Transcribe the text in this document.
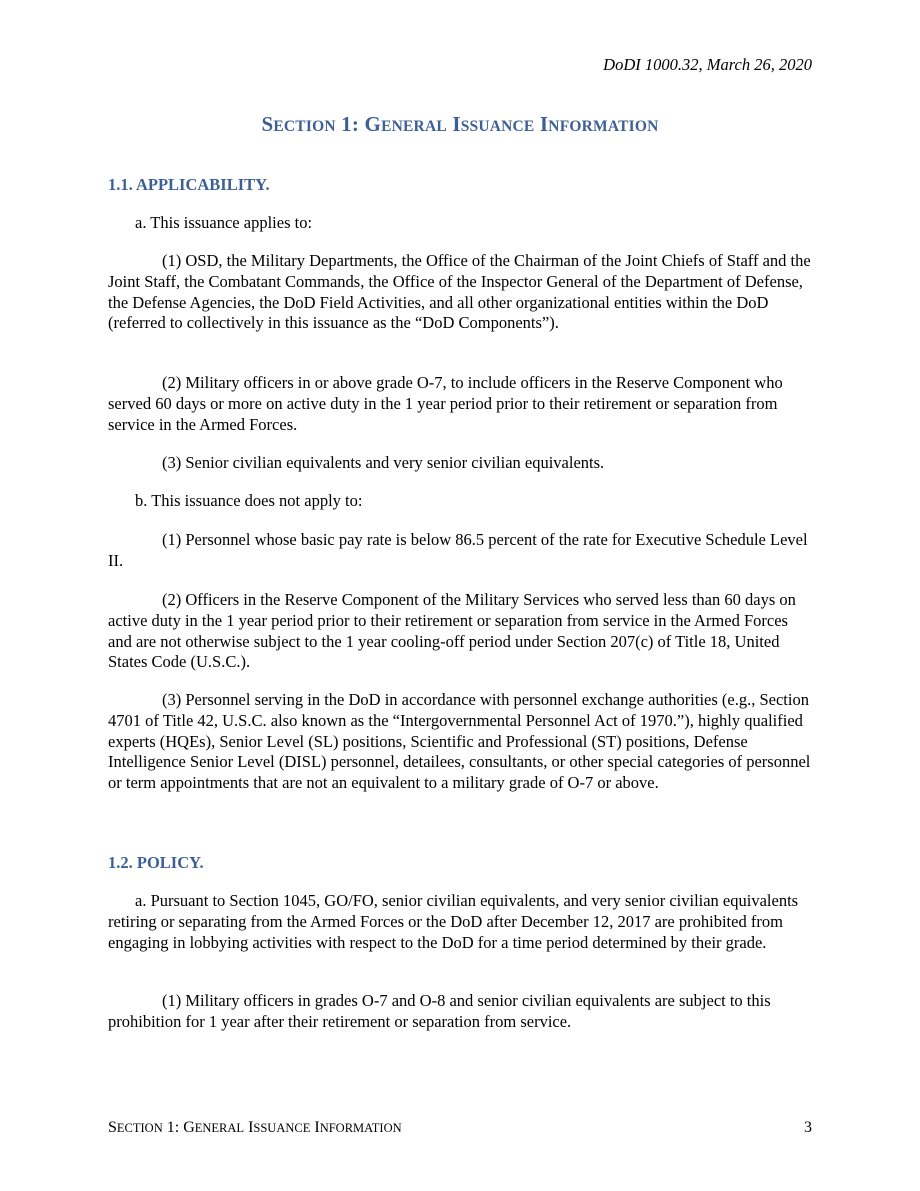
DoDI 1000.32, March 26, 2020
SECTION 1: GENERAL ISSUANCE INFORMATION
1.1. APPLICABILITY.

a. This issuance applies to:

(1) OSD, the Military Departments, the Office of the Chairman of the Joint Chiefs of Staff and the Joint Staff, the Combatant Commands, the Office of the Inspector General of the Department of Defense, the Defense Agencies, the DoD Field Activities, and all other organizational entities within the DoD (referred to collectively in this issuance as the “DoD Components”).

(2) Military officers in or above grade O-7, to include officers in the Reserve Component who served 60 days or more on active duty in the 1 year period prior to their retirement or separation from service in the Armed Forces.

(3) Senior civilian equivalents and very senior civilian equivalents.

b. This issuance does not apply to:

(1) Personnel whose basic pay rate is below 86.5 percent of the rate for Executive Schedule Level II.

(2) Officers in the Reserve Component of the Military Services who served less than 60 days on active duty in the 1 year period prior to their retirement or separation from service in the Armed Forces and are not otherwise subject to the 1 year cooling-off period under Section 207(c) of Title 18, United States Code (U.S.C.).

(3) Personnel serving in the DoD in accordance with personnel exchange authorities (e.g., Section 4701 of Title 42, U.S.C. also known as the “Intergovernmental Personnel Act of 1970.”), highly qualified experts (HQEs), Senior Level (SL) positions, Scientific and Professional (ST) positions, Defense Intelligence Senior Level (DISL) personnel, detailees, consultants, or other special categories of personnel or term appointments that are not an equivalent to a military grade of O-7 or above.

1.2. POLICY.

a. Pursuant to Section 1045, GO/FO, senior civilian equivalents, and very senior civilian equivalents retiring or separating from the Armed Forces or the DoD after December 12, 2017 are prohibited from engaging in lobbying activities with respect to the DoD for a time period determined by their grade.

(1) Military officers in grades O-7 and O-8 and senior civilian equivalents are subject to this prohibition for 1 year after their retirement or separation from service.

SECTION 1: GENERAL ISSUANCE INFORMATION	3
